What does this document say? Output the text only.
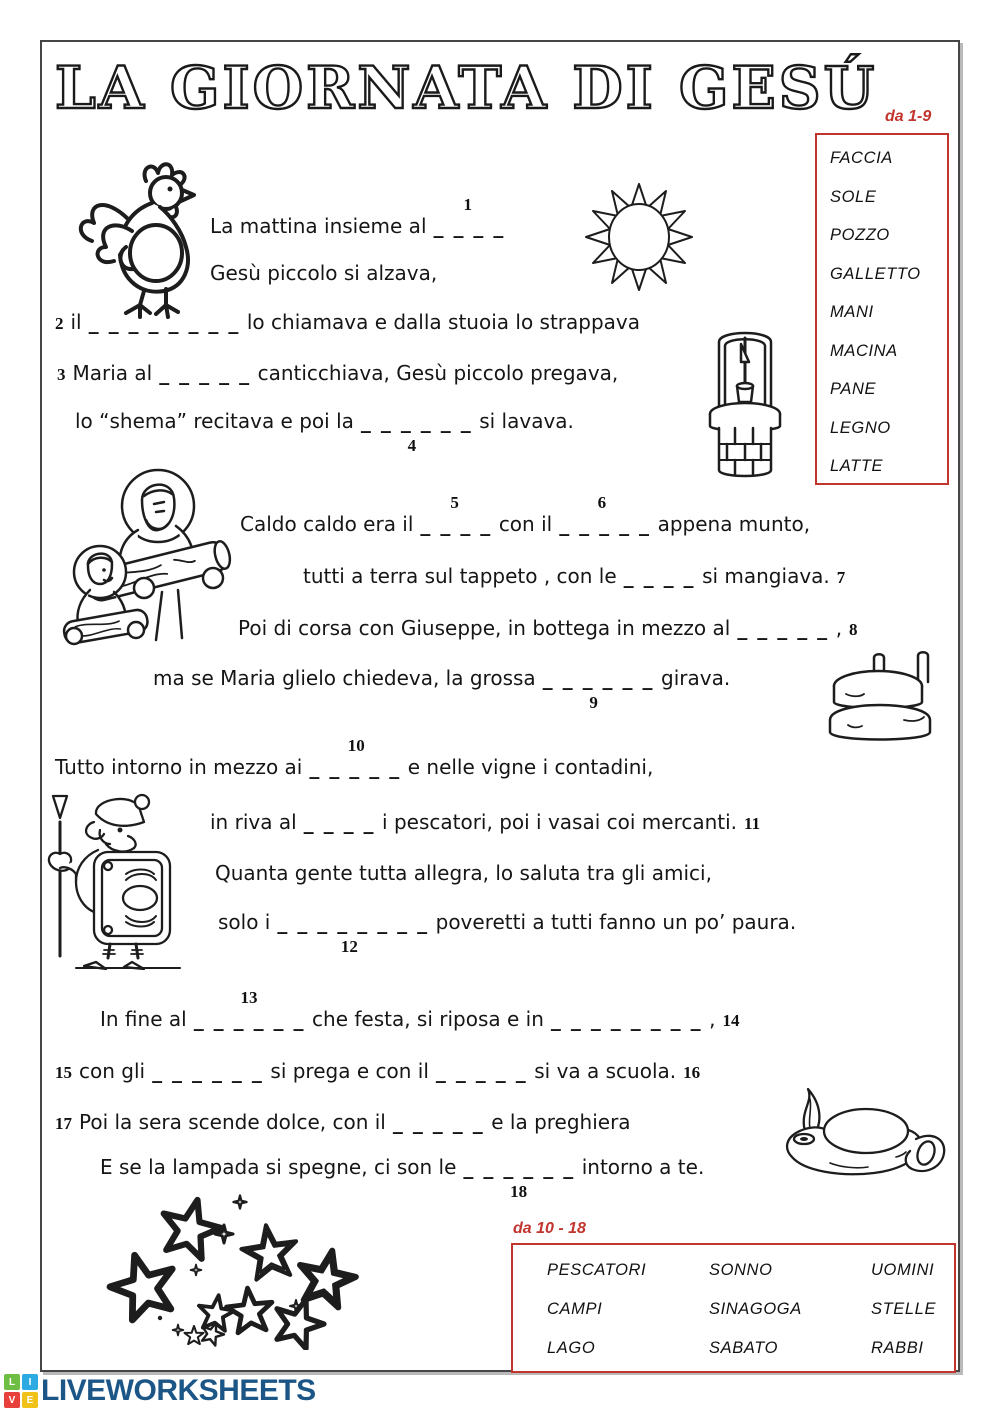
LA GIORNATA DI GESÚ da 1-9
FACCIA
SOLE
POZZO
GALLETTO
MANI
MACINA
PANE
LEGNO
LATTE
La mattina insieme al
1
_ _ _ _
Gesù piccolo si alzava,
2 il _ _ _ _ _ _ _ _ lo chiamava e dalla stuoia lo strappava
3 Maria al _ _ _ _ _ canticchiava, Gesù piccolo pregava,
lo “shema” recitava e poi la _ _ _ _ _ _
4
si lavava.
Caldo caldo era il
5
_ _ _ _ con il
6
_ _ _ _ _ appena munto,
tutti a terra sul tappeto , con le _ _ _ _ si mangiava. 7
Poi di corsa con Giuseppe, in bottega in mezzo al _ _ _ _ _ , 8
ma se Maria glielo chiedeva, la grossa _ _ _ _ _ _
9
girava.
Tutto intorno in mezzo ai
10
_ _ _ _ _ e nelle vigne i contadini,
in riva al _ _ _ _ i pescatori, poi i vasai coi mercanti. 11
Quanta gente tutta allegra, lo saluta tra gli amici,
solo i _ _ _ _ _ _ _ _
12
poveretti a tutti fanno un po’ paura.
In fine al
13
_ _ _ _ _ _ che festa, si riposa e in _ _ _ _ _ _ _ _ , 14
15 con gli _ _ _ _ _ _ si prega e con il _ _ _ _ _ si va a scuola. 16
17 Poi la sera scende dolce, con il _ _ _ _ _ e la preghiera
E se la lampada si spegne, ci son le _ _ _ _ _ _
18
intorno a te.
da 10 - 18
PESCATORI	SONNO	UOMINI
CAMPI	SINAGOGA	STELLE
LAGO	SABATO	RABBI
L	I
V	E LIVEWORKSHEETS
